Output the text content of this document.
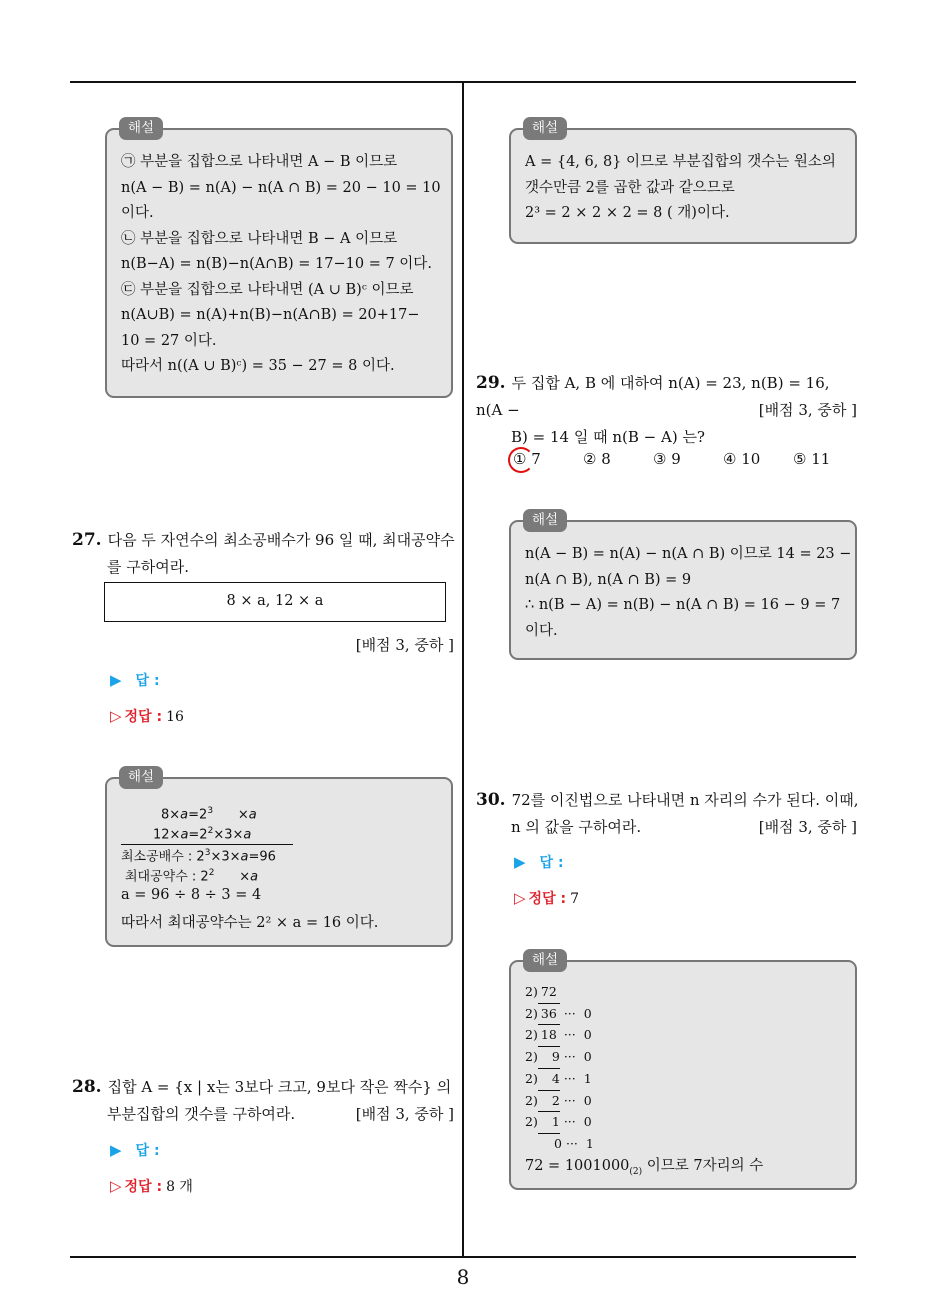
해설
㉠ 부분을 집합으로 나타내면 A − B 이므로
n(A − B) = n(A) − n(A ∩ B) = 20 − 10 = 10
이다.
㉡ 부분을 집합으로 나타내면 B − A 이므로
n(B−A) = n(B)−n(A∩B) = 17−10 = 7 이다.
㉢ 부분을 집합으로 나타내면 (A ∪ B)ᶜ 이므로
n(A∪B) = n(A)+n(B)−n(A∩B) = 20+17−
10 = 27 이다.
따라서 n((A ∪ B)ᶜ) = 35 − 27 = 8 이다.
27. 다음 두 자연수의 최소공배수가 96 일 때, 최대공약수
를 구하여라.
8 × a, 12 × a
[배점 3, 중하 ]
▶ 답 :
▷ 정답 : 16
해설
$8\times a=2^3$      ×a
$12\times a=2^2\times 3\times a$
최소공배수 : $2^3\times 3\times a=96$
최대공약수 : $2^2$      ×a
a = 96 ÷ 8 ÷ 3 = 4
따라서 최대공약수는 2² × a = 16 이다.
28. 집합 A = {x | x는 3보다 크고, 9보다 작은 짝수} 의
부분집합의 갯수를 구하여라.	[배점 3, 중하 ]
▶ 답 :
▷ 정답 : 8 개
해설
A = {4, 6, 8} 이므로 부분집합의 갯수는 원소의
갯수만큼 2를 곱한 값과 같으므로
2³ = 2 × 2 × 2 = 8 ( 개)이다.
29. 두 집합 A, B 에 대하여 n(A) = 23, n(B) = 16, n(A −
B) = 14 일 때 n(B − A) 는?
[배점 3, 중하 ]
① 7	② 8	③ 9	④ 10 ⑤ 11
해설
n(A − B) = n(A) − n(A ∩ B) 이므로 14 = 23 −
n(A ∩ B), n(A ∩ B) = 9
∴ n(B − A) = n(B) − n(A ∩ B) = 16 − 9 = 7
이다.
30. 72를 이진법으로 나타내면 n 자리의 수가 된다. 이때,
n 의 값을 구하여라.	[배점 3, 중하 ]
▶ 답 :
▷ 정답 : 7
해설
2) 72
2) 36 ··· 0
2) 18 ··· 0
2) 9 ··· 0
2) 4 ··· 1
2) 2 ··· 0
2) 1 ··· 0
0 ··· 1
$72 = 1001000_{(2)}$ 이므로 7자리의 수
8
